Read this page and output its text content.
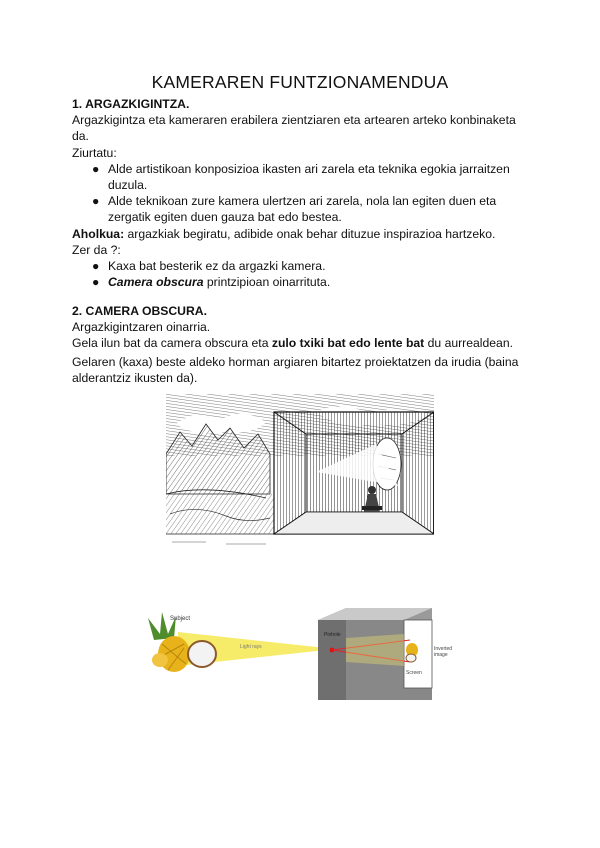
KAMERAREN FUNTZIONAMENDUA
1. ARGAZKIGINTZA.
Argazkigintza eta kameraren erabilera zientziaren eta artearen arteko konbinaketa
da.
Ziurtatu:
● Alde artistikoan konposizioa ikasten ari zarela eta teknika egokia jarraitzen
duzula.
● Alde teknikoan zure kamera ulertzen ari zarela, nola lan egiten duen eta
zergatik egiten duen gauza bat edo bestea.
Aholkua: argazkiak begiratu, adibide onak behar dituzue inspirazioa hartzeko.
Zer da ?:
● Kaxa bat besterik ez da argazki kamera.
● Camera obscura printzipioan oinarrituta.
2. CAMERA OBSCURA.
Argazkigintzaren oinarria.
Gela ilun bat da camera obscura eta zulo txiki bat edo lente bat du aurrealdean.
Gelaren (kaxa) beste aldeko horman argiaren bitartez proiektatzen da irudia (baina
alderantziz ikusten da).
Subject
Light rays
Pinhole
Inverted
image
Screen
